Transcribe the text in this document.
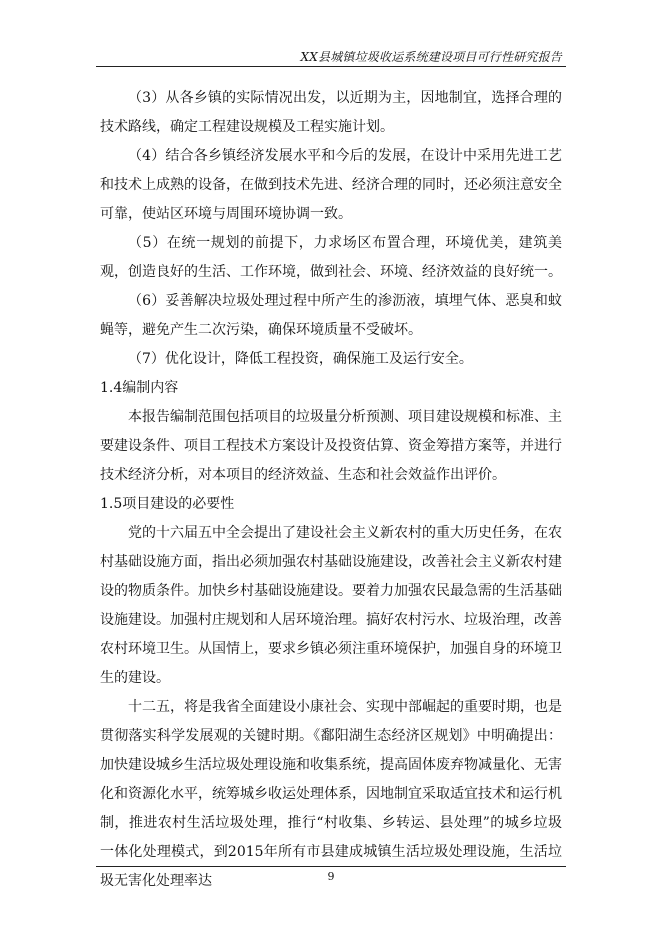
XX县城镇垃圾收运系统建设项目可行性研究报告

（3）从各乡镇的实际情况出发，以近期为主，因地制宜，选择合理的技术路线，确定工程建设规模及工程实施计划。

（4）结合各乡镇经济发展水平和今后的发展，在设计中采用先进工艺和技术上成熟的设备，在做到技术先进、经济合理的同时，还必须注意安全可靠，使站区环境与周围环境协调一致。

（5）在统一规划的前提下，力求场区布置合理，环境优美，建筑美观，创造良好的生活、工作环境，做到社会、环境、经济效益的良好统一。

（6）妥善解决垃圾处理过程中所产生的渗沥液，填埋气体、恶臭和蚊蝇等，避免产生二次污染，确保环境质量不受破坏。

（7）优化设计，降低工程投资，确保施工及运行安全。

1.4编制内容

本报告编制范围包括项目的垃圾量分析预测、项目建设规模和标准、主要建设条件、项目工程技术方案设计及投资估算、资金筹措方案等，并进行技术经济分析，对本项目的经济效益、生态和社会效益作出评价。

1.5项目建设的必要性

党的十六届五中全会提出了建设社会主义新农村的重大历史任务，在农村基础设施方面，指出必须加强农村基础设施建设，改善社会主义新农村建设的物质条件。加快乡村基础设施建设。要着力加强农民最急需的生活基础设施建设。加强村庄规划和人居环境治理。搞好农村污水、垃圾治理，改善农村环境卫生。从国情上，要求乡镇必须注重环境保护，加强自身的环境卫生的建设。

十二五，将是我省全面建设小康社会、实现中部崛起的重要时期，也是贯彻落实科学发展观的关键时期。《鄱阳湖生态经济区规划》中明确提出：加快建设城乡生活垃圾处理设施和收集系统，提高固体废弃物减量化、无害化和资源化水平，统筹城乡收运处理体系，因地制宜采取适宜技术和运行机制，推进农村生活垃圾处理，推行“村收集、乡转运、县处理”的城乡垃圾一体化处理模式，到2015年所有市县建成城镇生活垃圾处理设施，生活垃圾无害化处理率达	9
